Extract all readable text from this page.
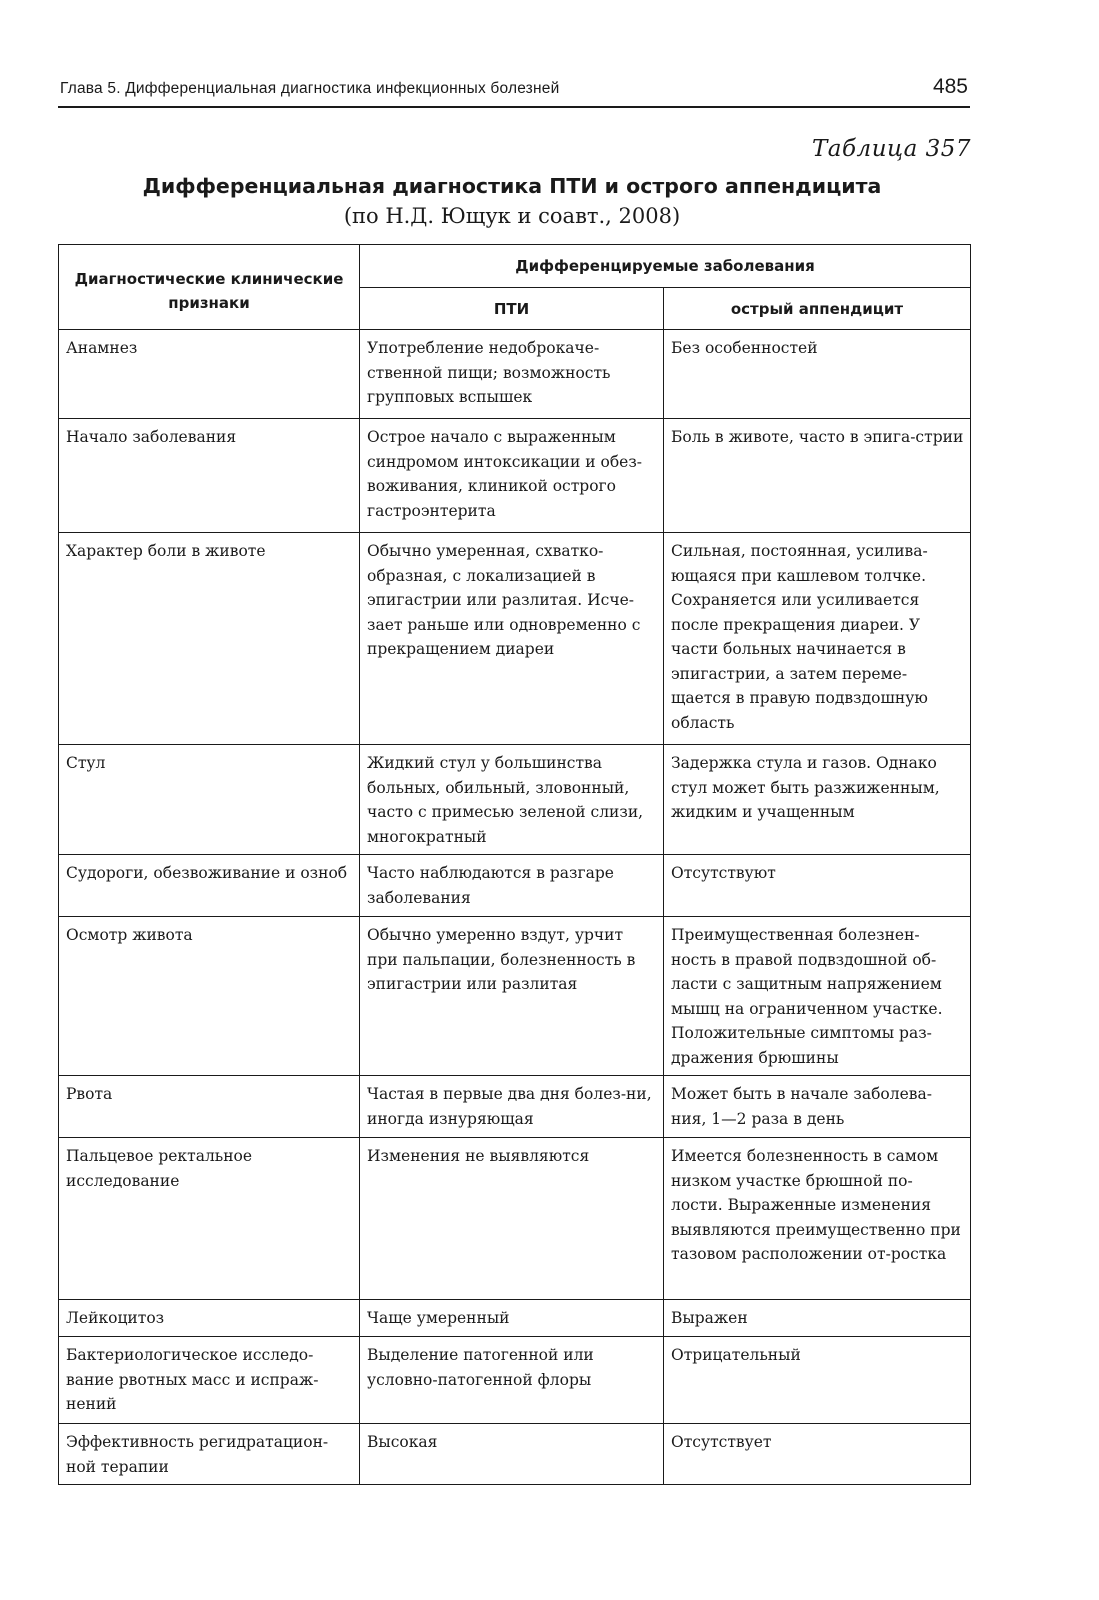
Глава 5. Дифференциальная диагностика инфекционных болезней	485
Таблица 357
Дифференциальная диагностика ПТИ и острого аппендицита
(по Н.Д. Ющук и соавт., 2008)
Диагностические клинические признаки	Дифференцируемые заболевания	
	ПТИ	острый аппендицит
Анамнез	Употребление недоброкаче-ственной пищи; возможность групповых вспышек	Без особенностей
Начало заболевания	Острое начало с выраженным синдромом интоксикации и обез-воживания, клиникой острого гастроэнтерита	Боль в животе, часто в эпига-стрии
Характер боли в животе	Обычно умеренная, схватко-образная, с локализацией в эпигастрии или разлитая. Исче-зает раньше или одновременно с прекращением диареи	Сильная, постоянная, усилива-ющаяся при кашлевом толчке. Сохраняется или усиливается после прекращения диареи. У части больных начинается в эпигастрии, а затем переме-щается в правую подвздошную область
Стул	Жидкий стул у большинства больных, обильный, зловонный, часто с примесью зеленой слизи, многократный	Задержка стула и газов. Однако стул может быть разжиженным, жидким и учащенным
Судороги, обезвоживание и озноб	Часто наблюдаются в разгаре заболевания	Отсутствуют
Осмотр живота	Обычно умеренно вздут, урчит при пальпации, болезненность в эпигастрии или разлитая	Преимущественная болезнен-ность в правой подвздошной об-ласти с защитным напряжением мышц на ограниченном участке. Положительные симптомы раз-дражения брюшины
Рвота	Частая в первые два дня болез-ни, иногда изнуряющая	Может быть в начале заболева-ния, 1—2 раза в день
Пальцевое ректальное исследование	Изменения не выявляются	Имеется болезненность в самом низком участке брюшной по-лости. Выраженные изменения выявляются преимущественно при тазовом расположении от-ростка
Лейкоцитоз	Чаще умеренный	Выражен
Бактериологическое исследо-вание рвотных масс и испраж-нений	Выделение патогенной или условно-патогенной флоры	Отрицательный
Эффективность регидратацион-ной терапии	Высокая	Отсутствует
